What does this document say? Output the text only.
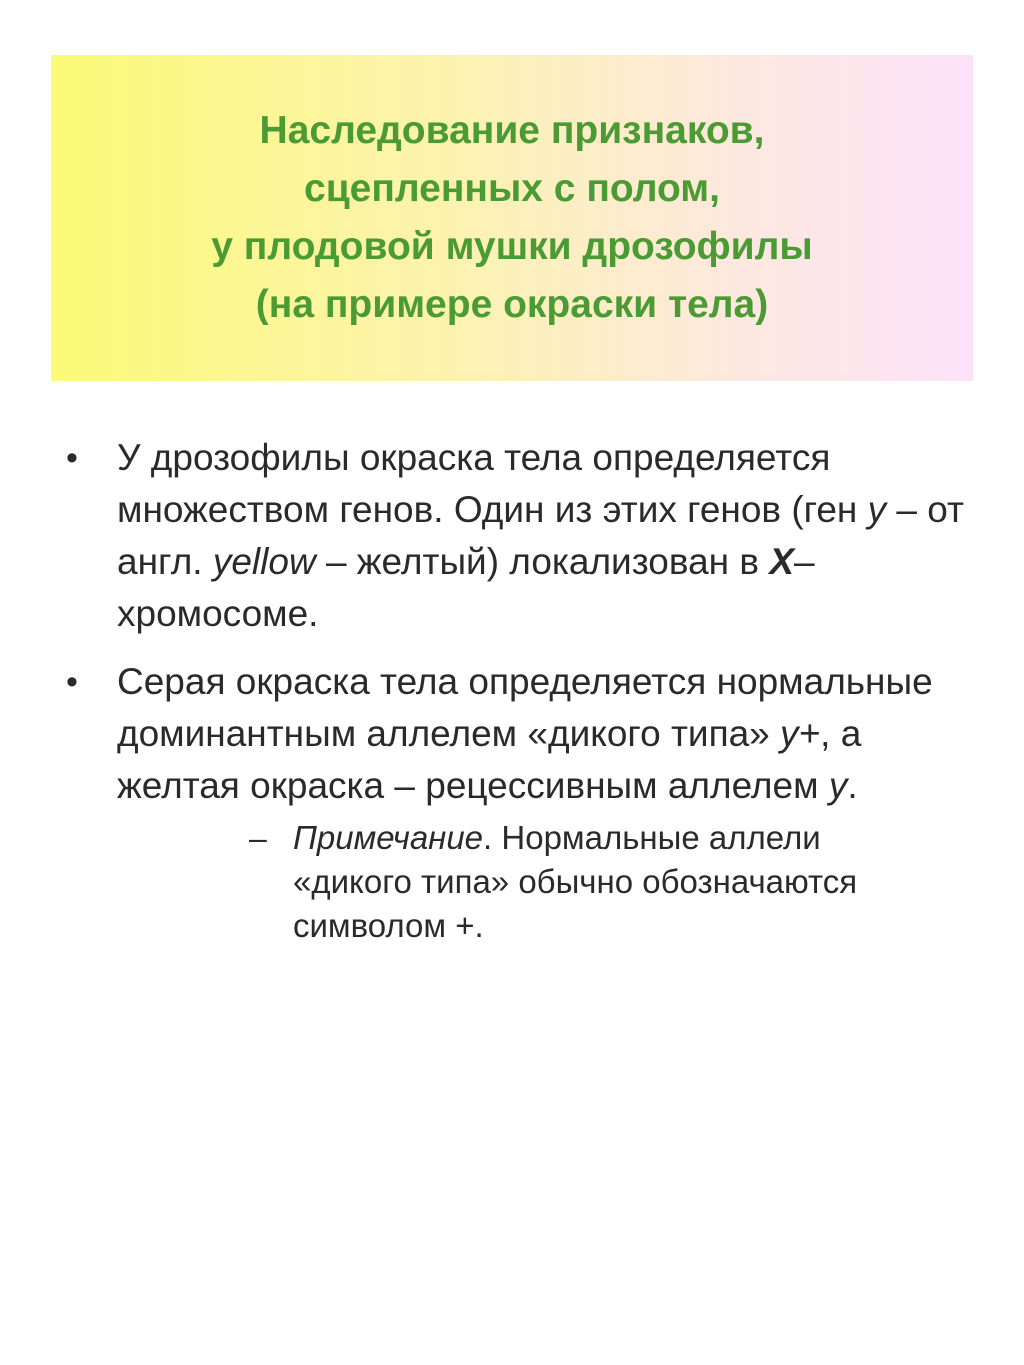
Наследование признаков,
сцепленных с полом,
у плодовой мушки дрозофилы
(на примере окраски тела)
• У дрозофилы окраска тела определяется множеством генов. Один из этих генов (ген y – от англ. yellow – желтый) локализован в X–хромосоме.
• Серая окраска тела определяется нормальные доминантным аллелем «дикого типа» y+, а желтая окраска – рецессивным аллелем y.
– Примечание. Нормальные аллели «дикого типа» обычно обозначаются символом +.
